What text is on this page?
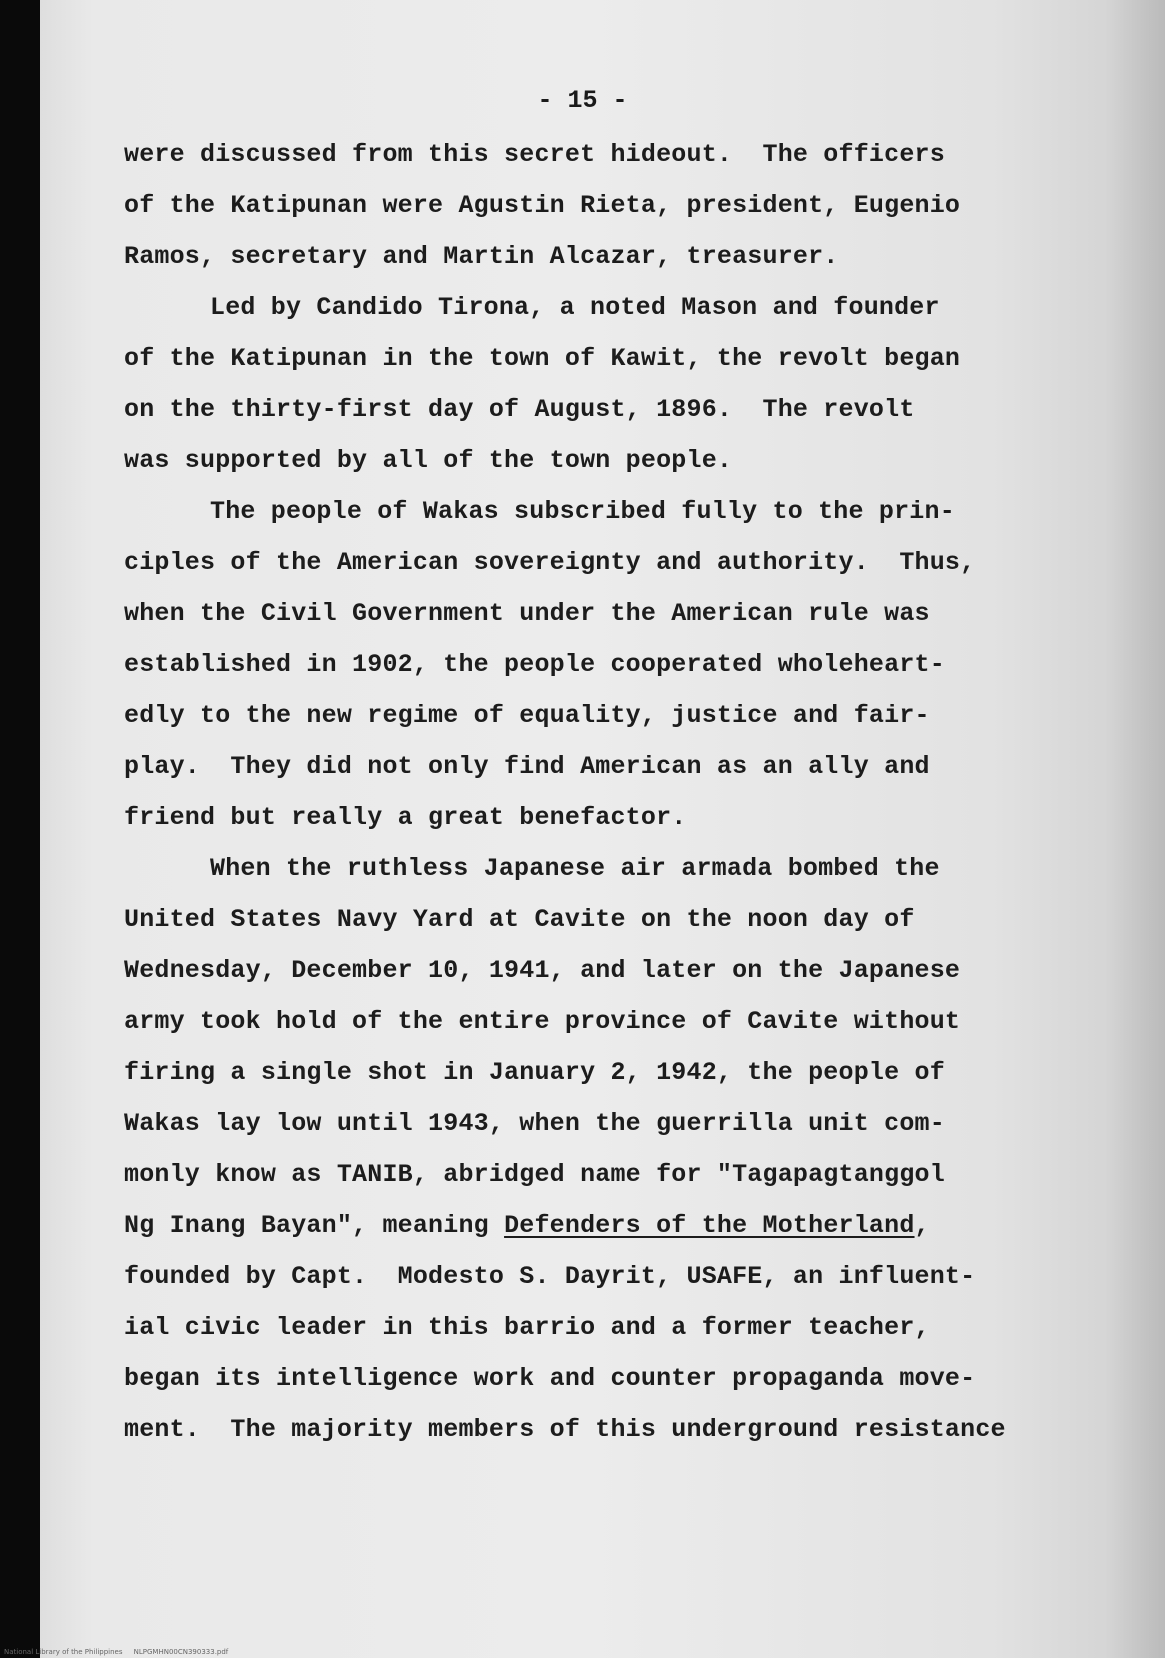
- 15 -
were discussed from this secret hideout.  The officers
of the Katipunan were Agustin Rieta, president, Eugenio
Ramos, secretary and Martin Alcazar, treasurer.
Led by Candido Tirona, a noted Mason and founder
of the Katipunan in the town of Kawit, the revolt began
on the thirty-first day of August, 1896.  The revolt
was supported by all of the town people.
The people of Wakas subscribed fully to the prin-
ciples of the American sovereignty and authority.  Thus,
when the Civil Government under the American rule was
established in 1902, the people cooperated wholeheart-
edly to the new regime of equality, justice and fair-
play.  They did not only find American as an ally and
friend but really a great benefactor.
When the ruthless Japanese air armada bombed the
United States Navy Yard at Cavite on the noon day of
Wednesday, December 10, 1941, and later on the Japanese
army took hold of the entire province of Cavite without
firing a single shot in January 2, 1942, the people of
Wakas lay low until 1943, when the guerrilla unit com-
monly know as TANIB, abridged name for "Tagapagtanggol
Ng Inang Bayan", meaning Defenders of the Motherland,
founded by Capt.  Modesto S. Dayrit, USAFE, an influent-
ial civic leader in this barrio and a former teacher,
began its intelligence work and counter propaganda move-
ment.  The majority members of this underground resistance
National Library of the Philippines     NLPGMHN00CN390333.pdf
